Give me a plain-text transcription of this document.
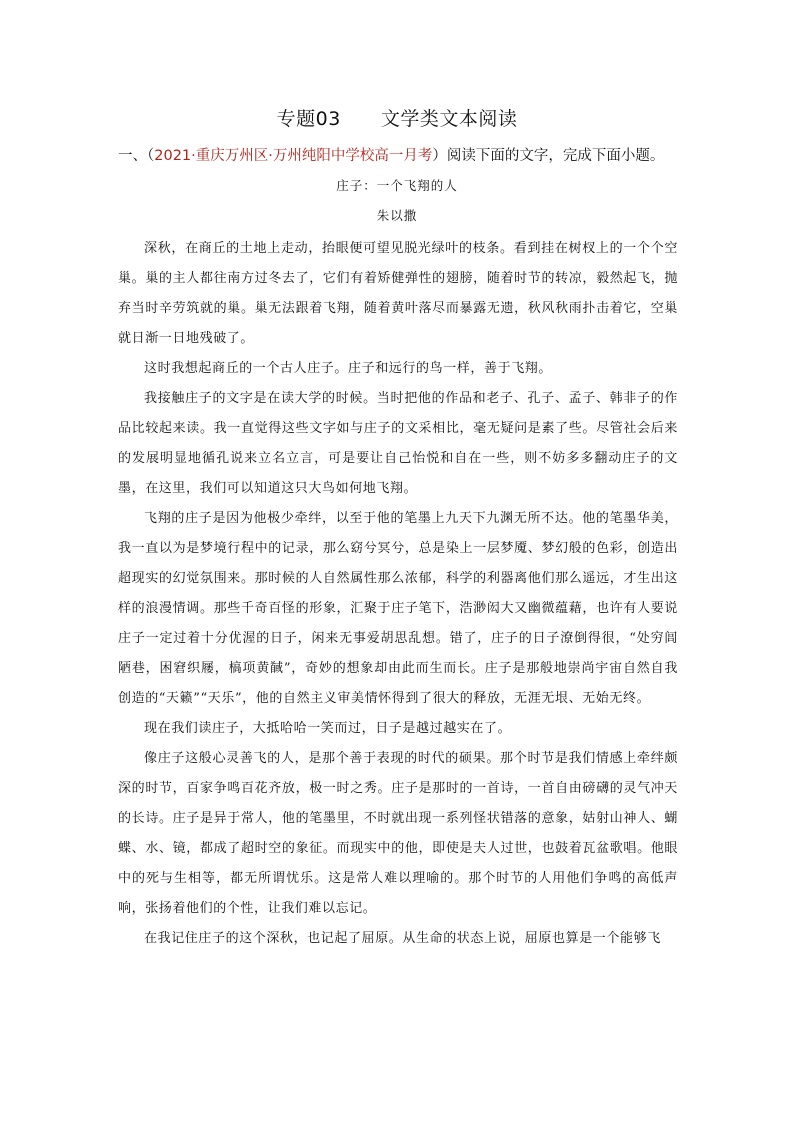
专题03 文学类文本阅读
一、（2021·重庆万州区·万州纯阳中学校高一月考）阅读下面的文字，完成下面小题。
庄子：一个飞翔的人
朱以撒

深秋，在商丘的土地上走动，抬眼便可望见脱光绿叶的枝条。看到挂在树杈上的一个个空巢。巢的主人都往南方过冬去了，它们有着矫健弹性的翅膀，随着时节的转凉，毅然起飞，抛弃当时辛劳筑就的巢。巢无法跟着飞翔，随着黄叶落尽而暴露无遗，秋风秋雨扑击着它，空巢就日渐一日地残破了。

这时我想起商丘的一个古人庄子。庄子和远行的鸟一样，善于飞翔。

我接触庄子的文字是在读大学的时候。当时把他的作品和老子、孔子、孟子、韩非子的作品比较起来读。我一直觉得这些文字如与庄子的文采相比，毫无疑问是素了些。尽管社会后来的发展明显地循孔说来立名立言，可是要让自己怡悦和自在一些，则不妨多多翻动庄子的文墨，在这里，我们可以知道这只大鸟如何地飞翔。

飞翔的庄子是因为他极少牵绊，以至于他的笔墨上九天下九渊无所不达。他的笔墨华美，我一直以为是梦境行程中的记录，那么窈兮冥兮，总是染上一层梦魇、梦幻般的色彩，创造出超现实的幻觉氛围来。那时候的人自然属性那么浓郁，科学的利器离他们那么遥远，才生出这样的浪漫情调。那些千奇百怪的形象，汇聚于庄子笔下，浩渺闳大又幽微蕴藉，也许有人要说庄子一定过着十分优渥的日子，闲来无事爱胡思乱想。错了，庄子的日子潦倒得很，“处穷闾陋巷，困窘织屦，槁项黄馘”，奇妙的想象却由此而生而长。庄子是那般地崇尚宇宙自然自我创造的“天籁”“天乐”，他的自然主义审美情怀得到了很大的释放，无涯无垠、无始无终。

现在我们读庄子，大抵哈哈一笑而过，日子是越过越实在了。

像庄子这般心灵善飞的人，是那个善于表现的时代的硕果。那个时节是我们情感上牵绊颇深的时节，百家争鸣百花齐放，极一时之秀。庄子是那时的一首诗，一首自由磅礴的灵气冲天的长诗。庄子是异于常人，他的笔墨里，不时就出现一系列怪状错落的意象，姑射山神人、蝴蝶、水、镜，都成了超时空的象征。而现实中的他，即使是夫人过世，也鼓着瓦盆歌唱。他眼中的死与生相等，都无所谓忧乐。这是常人难以理喻的。那个时节的人用他们争鸣的高低声响，张扬着他们的个性，让我们难以忘记。

在我记住庄子的这个深秋，也记起了屈原。从生命的状态上说，屈原也算是一个能够飞
